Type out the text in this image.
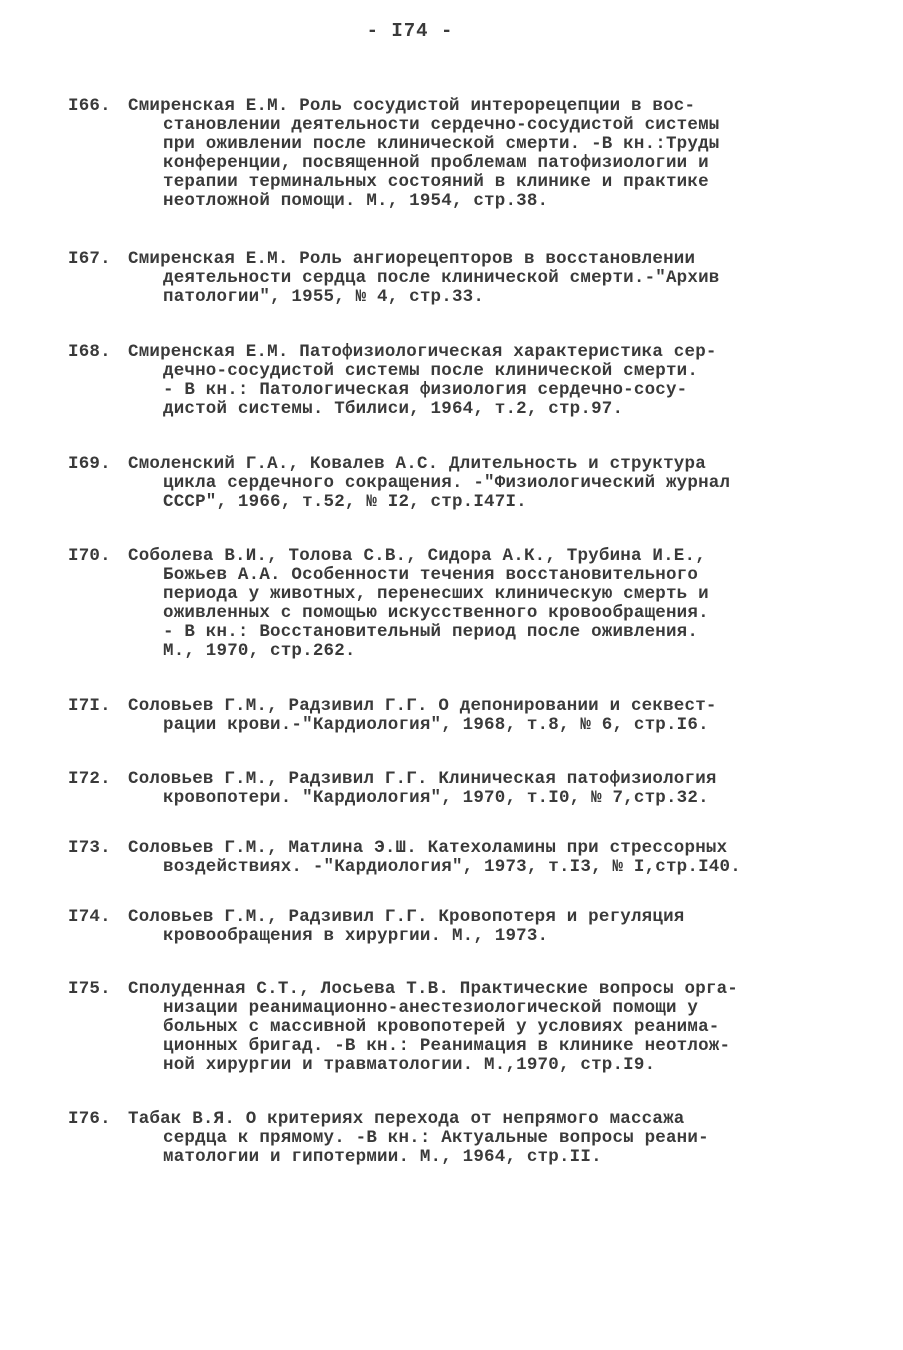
- I74 -
I66. Смиренская Е.М. Роль сосудистой интерорецепции в вос-
становлении деятельности сердечно-сосудистой системы
при оживлении после клинической смерти. -В кн.:Труды
конференции, посвященной проблемам патофизиологии и
терапии терминальных состояний в клинике и практике
неотложной помощи. М., 1954, стр.38.
I67. Смиренская Е.М. Роль ангиорецепторов в восстановлении
деятельности сердца после клинической смерти.-"Архив
патологии", 1955, № 4, стр.33.
I68. Смиренская Е.М. Патофизиологическая характеристика сер-
дечно-сосудистой системы после клинической смерти.
- В кн.: Патологическая физиология сердечно-сосу-
дистой системы. Тбилиси, 1964, т.2, стр.97.
I69. Смоленский Г.А., Ковалев А.С. Длительность и структура
цикла сердечного сокращения. -"Физиологический журнал
СССР", 1966, т.52, № I2, стр.I47I.
I70. Соболева В.И., Толова С.В., Сидора А.К., Трубина И.Е.,
Божьев А.А. Особенности течения восстановительного
периода у животных, перенесших клиническую смерть и
оживленных с помощью искусственного кровообращения.
- В кн.: Восстановительный период после оживления.
М., 1970, стр.262.
I7I. Соловьев Г.М., Радзивил Г.Г. О депонировании и секвест-
рации крови.-"Кардиология", 1968, т.8, № 6, стр.I6.
I72. Соловьев Г.М., Радзивил Г.Г. Клиническая патофизиология
кровопотери. "Кардиология", 1970, т.I0, № 7,стр.32.
I73. Соловьев Г.М., Матлина Э.Ш. Катехоламины при стрессорных
воздействиях. -"Кардиология", 1973, т.I3, № I,стр.I40.
I74. Соловьев Г.М., Радзивил Г.Г. Кровопотеря и регуляция
кровообращения в хирургии. М., 1973.
I75. Сполуденная С.Т., Лосьева Т.В. Практические вопросы орга-
низации реанимационно-анестезиологической помощи у
больных с массивной кровопотерей у условиях реанима-
ционных бригад. -В кн.: Реанимация в клинике неотлож-
ной хирургии и травматологии. М.,1970, стр.I9.
I76. Табак В.Я. О критериях перехода от непрямого массажа
сердца к прямому. -В кн.: Актуальные вопросы реани-
матологии и гипотермии. М., 1964, стр.II.
